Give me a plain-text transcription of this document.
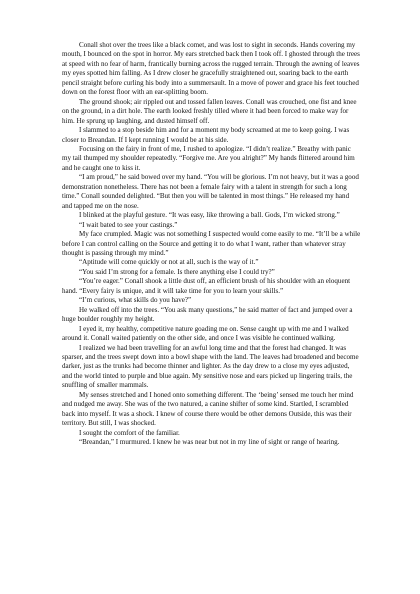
Conall shot over the trees like a black comet, and was lost to sight in seconds. Hands covering my mouth, I bounced on the spot in horror. My ears stretched back then I took off. I ghosted through the trees at speed with no fear of harm, frantically burning across the rugged terrain. Through the awning of leaves my eyes spotted him falling. As I drew closer he gracefully straightened out, soaring back to the earth pencil straight before curling his body into a summersault. In a move of power and grace his feet touched down on the forest floor with an ear-splitting boom.

The ground shook; air rippled out and tossed fallen leaves. Conall was crouched, one fist and knee on the ground, in a dirt hole. The earth looked freshly tilled where it had been forced to make way for him. He sprung up laughing, and dusted himself off.

I slammed to a stop beside him and for a moment my body screamed at me to keep going. I was closer to Breandan. If I kept running I would be at his side.

Focusing on the fairy in front of me, I rushed to apologize. “I didn’t realize.” Breathy with panic my tail thumped my shoulder repeatedly. “Forgive me. Are you alright?” My hands flittered around him and he caught one to kiss it.

“I am proud,” he said bowed over my hand. “You will be glorious. I’m not heavy, but it was a good demonstration nonetheless. There has not been a female fairy with a talent in strength for such a long time.” Conall sounded delighted. “But then you will be talented in most things.” He released my hand and tapped me on the nose.

I blinked at the playful gesture. “It was easy, like throwing a ball. Gods, I’m wicked strong.”

“I wait bated to see your castings.”

My face crumpled. Magic was not something I suspected would come easily to me. “It’ll be a while before I can control calling on the Source and getting it to do what I want, rather than whatever stray thought is passing through my mind.”

“Aptitude will come quickly or not at all, such is the way of it.”

“You said I’m strong for a female. Is there anything else I could try?”

“You’re eager.” Conall shook a little dust off, an efficient brush of his shoulder with an eloquent hand. “Every fairy is unique, and it will take time for you to learn your skills.”

“I’m curious, what skills do you have?”

He walked off into the trees. “You ask many questions,” he said matter of fact and jumped over a huge boulder roughly my height.

I eyed it, my healthy, competitive nature goading me on. Sense caught up with me and I walked around it. Conall waited patiently on the other side, and once I was visible he continued walking.

I realized we had been travelling for an awful long time and that the forest had changed. It was sparser, and the trees swept down into a bowl shape with the land. The leaves had broadened and become darker, just as the trunks had become thinner and lighter. As the day drew to a close my eyes adjusted, and the world tinted to purple and blue again. My sensitive nose and ears picked up lingering trails, the snuffling of smaller mammals.

My senses stretched and I honed onto something different. The ‘being’ sensed me touch her mind and nudged me away. She was of the two natured, a canine shifter of some kind. Startled, I scrambled back into myself. It was a shock. I knew of course there would be other demons Outside, this was their territory. But still, I was shocked.

I sought the comfort of the familiar.

“Breandan,” I murmured. I knew he was near but not in my line of sight or range of hearing.
